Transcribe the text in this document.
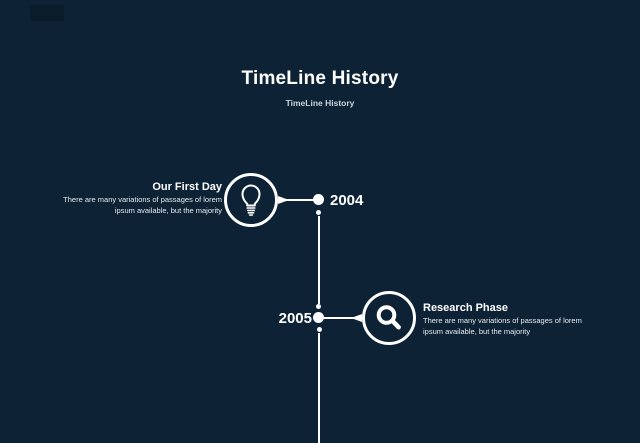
TimeLine History
TimeLine History
Our First Day
There are many variations of passages of lorem ipsum available, but the majority
2004
Research Phase
There are many variations of passages of lorem ipsum available, but the majority
2005
